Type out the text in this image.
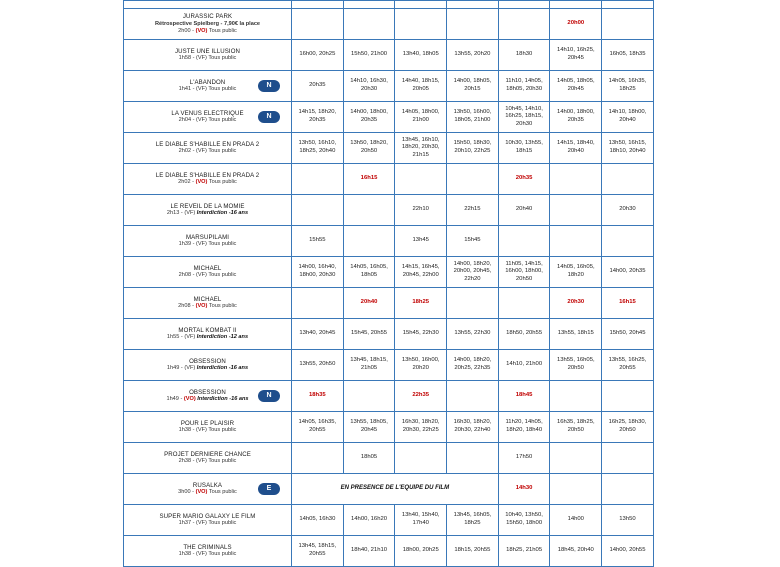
JURASSIC PARK
Rétrospective Spielberg - 7,90€ la place
2h00 - (VO) Tous public						20h00	

JUSTE UNE ILLUSION
1h58 - (VF) Tous public	16h00, 20h25	15h50, 21h00	13h40, 18h05	13h55, 20h20	18h30	14h10, 16h25, 20h45	16h05, 18h35

L'ABANDON
1h41 - (VF) Tous public
N	20h35	14h10, 16h30, 20h30	14h40, 18h15, 20h05	14h00, 18h05, 20h15	11h10, 14h05, 18h05, 20h30	14h05, 18h05, 20h45	14h05, 16h35, 18h25

LA VENUS ELECTRIQUE
2h04 - (VF) Tous public
N	14h15, 18h20, 20h35	14h00, 18h00, 20h35	14h05, 18h00, 21h00	13h50, 16h00, 18h05, 21h00	10h45, 14h10, 16h25, 18h15, 20h30	14h00, 18h00, 20h35	14h10, 18h00, 20h40

LE DIABLE S'HABILLE EN PRADA 2
2h02 - (VF) Tous public	13h50, 16h10, 18h25, 20h40	13h50, 18h20, 20h50	13h45, 16h10, 18h20, 20h30, 21h15	15h50, 18h30, 20h10, 22h25	10h30, 13h55, 18h15	14h15, 18h40, 20h40	13h50, 16h15, 18h10, 20h40

LE DIABLE S'HABILLE EN PRADA 2
2h02 - (VO) Tous public		16h15			20h35		

LE REVEIL DE LA MOMIE
2h13 - (VF) Interdiction -16 ans			22h10	22h15	20h40		20h30

MARSUPILAMI
1h39 - (VF) Tous public	15h55		13h45	15h45			

MICHAEL
2h08 - (VF) Tous public	14h00, 16h40, 18h00, 20h30	14h05, 16h05, 18h05	14h15, 16h45, 20h45, 22h00	14h00, 18h20, 20h00, 20h45, 22h20	11h05, 14h15, 16h00, 18h00, 20h50	14h05, 16h05, 18h20	14h00, 20h35

MICHAEL
2h08 - (VO) Tous public		20h40	18h25			20h30	16h15

MORTAL KOMBAT II
1h55 - (VF) Interdiction -12 ans	13h40, 20h45	15h45, 20h55	15h45, 22h30	13h55, 22h30	18h50, 20h55	13h55, 18h15	15h50, 20h45

OBSESSION
1h49 - (VF) Interdiction -16 ans	13h55, 20h50	13h45, 18h15, 21h05	13h50, 16h00, 20h20	14h00, 18h20, 20h25, 22h35	14h10, 21h00	13h55, 16h05, 20h50	13h55, 16h25, 20h55

OBSESSION
1h49 - (VO) Interdiction -16 ans
N	18h35		22h35		18h45		

POUR LE PLAISIR
1h38 - (VF) Tous public	14h05, 16h35, 20h55	13h55, 18h05, 20h45	16h30, 18h20, 20h30, 22h25	16h30, 18h20, 20h30, 22h40	11h20, 14h05, 18h20, 18h40	16h35, 18h25, 20h50	16h25, 18h30, 20h50

PROJET DERNIERE CHANCE
2h38 - (VF) Tous public		18h05			17h50		

RUSALKA
3h00 - (VO) Tous public
E	EN PRESENCE DE L'EQUIPE DU FILM				14h30		

SUPER MARIO GALAXY LE FILM
1h37 - (VF) Tous public	14h05, 16h30	14h00, 16h20	13h40, 15h40, 17h40	13h45, 16h05, 18h25	10h40, 13h50, 15h50, 18h00	14h00	13h50

THE CRIMINALS
1h38 - (VF) Tous public	13h45, 18h15, 20h55	18h40, 21h10	18h00, 20h25	18h15, 20h55	18h25, 21h05	18h45, 20h40	14h00, 20h55
